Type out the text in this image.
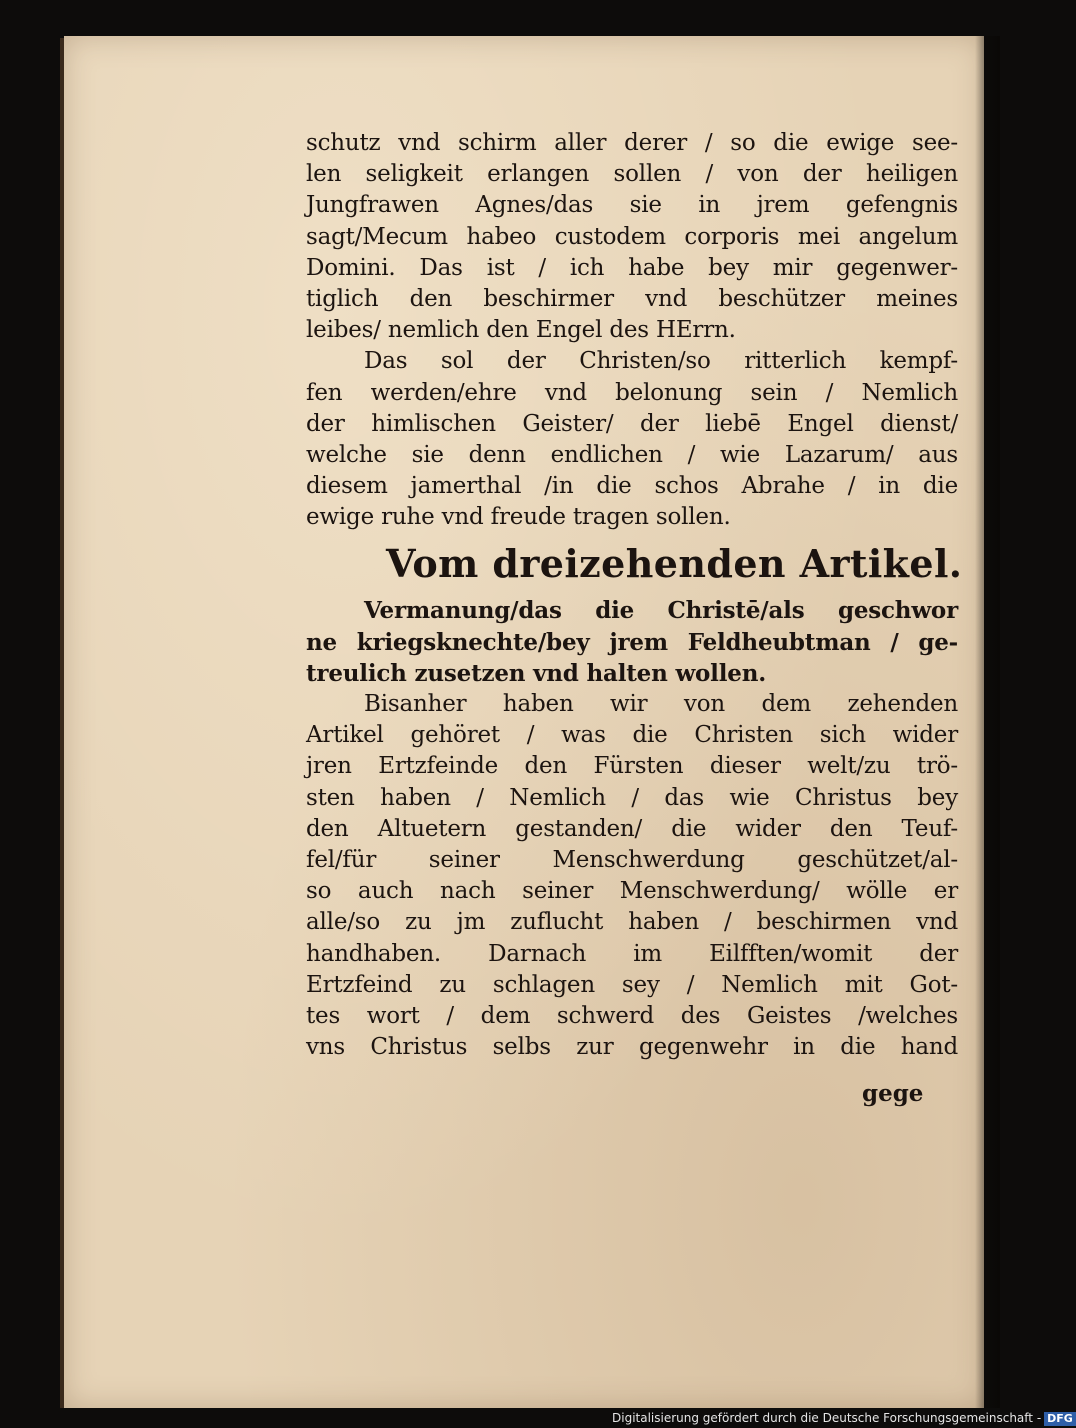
schutz vnd schirm aller derer / so die ewige see-
len seligkeit erlangen sollen / von der heiligen
Jungfrawen Agnes/das sie in jrem gefengnis
sagt/Mecum habeo custodem corporis mei angelum
Domini. Das ist / ich habe bey mir gegenwer-
tiglich den beschirmer vnd beschützer meines
leibes/ nemlich den Engel des HErrn.
Das sol der Christen/so ritterlich kempf-
fen werden/ehre vnd belonung sein / Nemlich
der himlischen Geister/ der liebē Engel dienst/
welche sie denn endlichen / wie Lazarum/ aus
diesem jamerthal /in die schos Abrahe / in die
ewige ruhe vnd freude tragen sollen.
Vom dreizehenden Artikel.
Vermanung/das die Christē/als geschwor
ne kriegsknechte/bey jrem Feldheubtman / ge-
treulich zusetzen vnd halten wollen.
Bisanher haben wir von dem zehenden
Artikel gehöret / was die Christen sich wider
jren Ertzfeinde den Fürsten dieser welt/zu trö-
sten haben / Nemlich / das wie Christus bey
den Altuetern gestanden/ die wider den Teuf-
fel/für seiner Menschwerdung geschützet/al-
so auch nach seiner Menschwerdung/ wölle er
alle/so zu jm zuflucht haben / beschirmen vnd
handhaben. Darnach im Eilfften/womit der
Ertzfeind zu schlagen sey / Nemlich mit Got-
tes wort / dem schwerd des Geistes /welches
vns Christus selbs zur gegenwehr in die hand
gege
Digitalisierung gefördert durch die Deutsche Forschungsgemeinschaft - DFG
